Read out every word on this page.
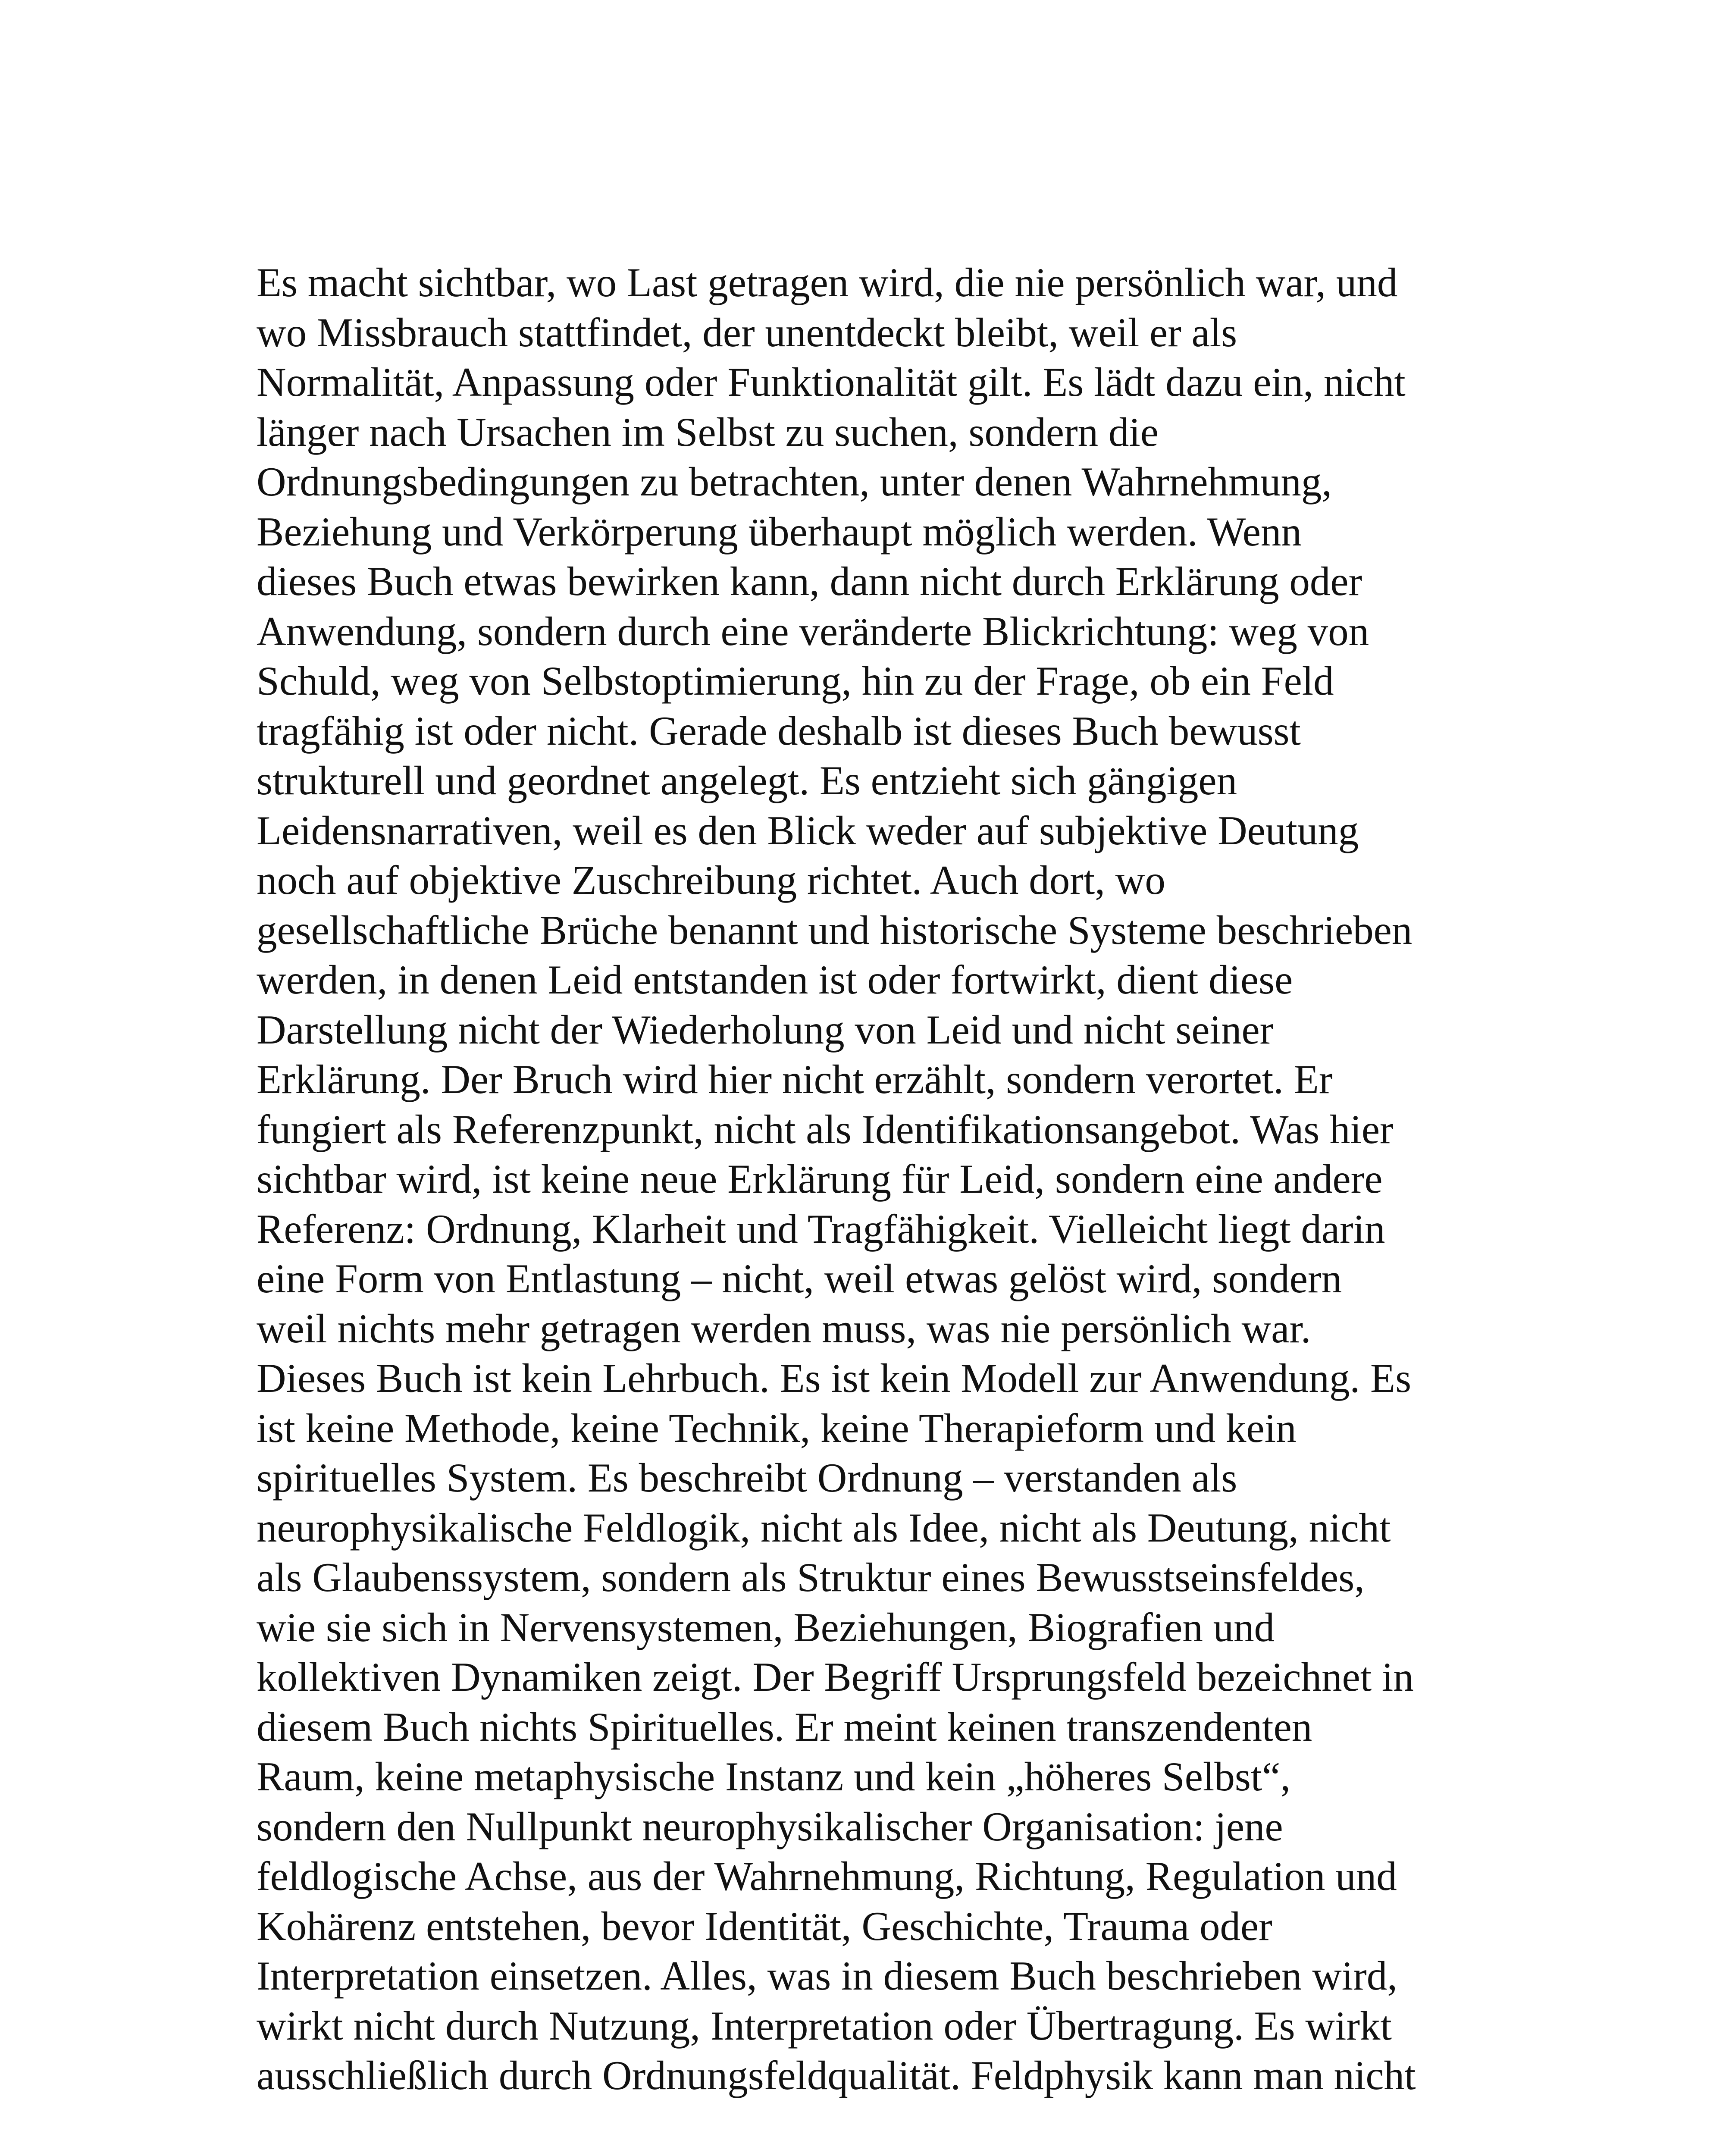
Es macht sichtbar, wo Last getragen wird, die nie persönlich war, und
wo Missbrauch stattfindet, der unentdeckt bleibt, weil er als
Normalität, Anpassung oder Funktionalität gilt. Es lädt dazu ein, nicht
länger nach Ursachen im Selbst zu suchen, sondern die
Ordnungsbedingungen zu betrachten, unter denen Wahrnehmung,
Beziehung und Verkörperung überhaupt möglich werden. Wenn
dieses Buch etwas bewirken kann, dann nicht durch Erklärung oder
Anwendung, sondern durch eine veränderte Blickrichtung: weg von
Schuld, weg von Selbstoptimierung, hin zu der Frage, ob ein Feld
tragfähig ist oder nicht. Gerade deshalb ist dieses Buch bewusst
strukturell und geordnet angelegt. Es entzieht sich gängigen
Leidensnarrativen, weil es den Blick weder auf subjektive Deutung
noch auf objektive Zuschreibung richtet. Auch dort, wo
gesellschaftliche Brüche benannt und historische Systeme beschrieben
werden, in denen Leid entstanden ist oder fortwirkt, dient diese
Darstellung nicht der Wiederholung von Leid und nicht seiner
Erklärung. Der Bruch wird hier nicht erzählt, sondern verortet. Er
fungiert als Referenzpunkt, nicht als Identifikationsangebot. Was hier
sichtbar wird, ist keine neue Erklärung für Leid, sondern eine andere
Referenz: Ordnung, Klarheit und Tragfähigkeit. Vielleicht liegt darin
eine Form von Entlastung – nicht, weil etwas gelöst wird, sondern
weil nichts mehr getragen werden muss, was nie persönlich war.
Dieses Buch ist kein Lehrbuch. Es ist kein Modell zur Anwendung. Es
ist keine Methode, keine Technik, keine Therapieform und kein
spirituelles System. Es beschreibt Ordnung – verstanden als
neurophysikalische Feldlogik, nicht als Idee, nicht als Deutung, nicht
als Glaubenssystem, sondern als Struktur eines Bewusstseinsfeldes,
wie sie sich in Nervensystemen, Beziehungen, Biografien und
kollektiven Dynamiken zeigt. Der Begriff Ursprungsfeld bezeichnet in
diesem Buch nichts Spirituelles. Er meint keinen transzendenten
Raum, keine metaphysische Instanz und kein „höheres Selbst“,
sondern den Nullpunkt neurophysikalischer Organisation: jene
feldlogische Achse, aus der Wahrnehmung, Richtung, Regulation und
Kohärenz entstehen, bevor Identität, Geschichte, Trauma oder
Interpretation einsetzen. Alles, was in diesem Buch beschrieben wird,
wirkt nicht durch Nutzung, Interpretation oder Übertragung. Es wirkt
ausschließlich durch Ordnungsfeldqualität. Feldphysik kann man nicht
